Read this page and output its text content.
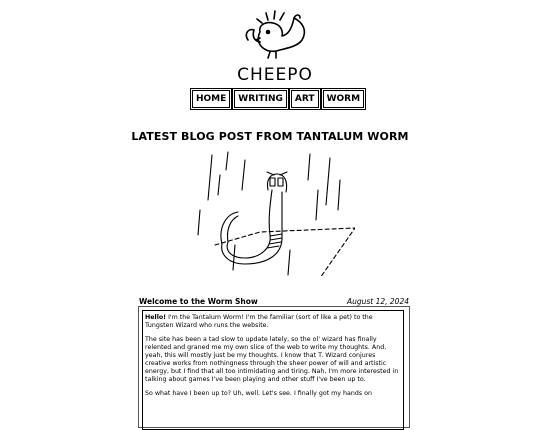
CHEEPO
HOME	WRITING	ART	WORM
LATEST BLOG POST FROM TANTALUM WORM
Welcome to the Worm Show	August 12, 2024

Hello! I'm the Tantalum Worm! I'm the familiar (sort of like a pet) to the Tungsten Wizard who runs the website.

The site has been a tad slow to update lately, so the ol' wizard has finally relented and graned me my own slice of the web to write my thoughts. And, yeah, this will mostly just be my thoughts. I know that T. Wizard conjures creative works from nothingness through the sheer power of will and artistic energy, but I find that all too intimidating and tiring. Nah, I'm more interested in talking about games I've been playing and other stuff I've been up to.

So what have I been up to? Uh, well. Let's see. I finally got my hands on
